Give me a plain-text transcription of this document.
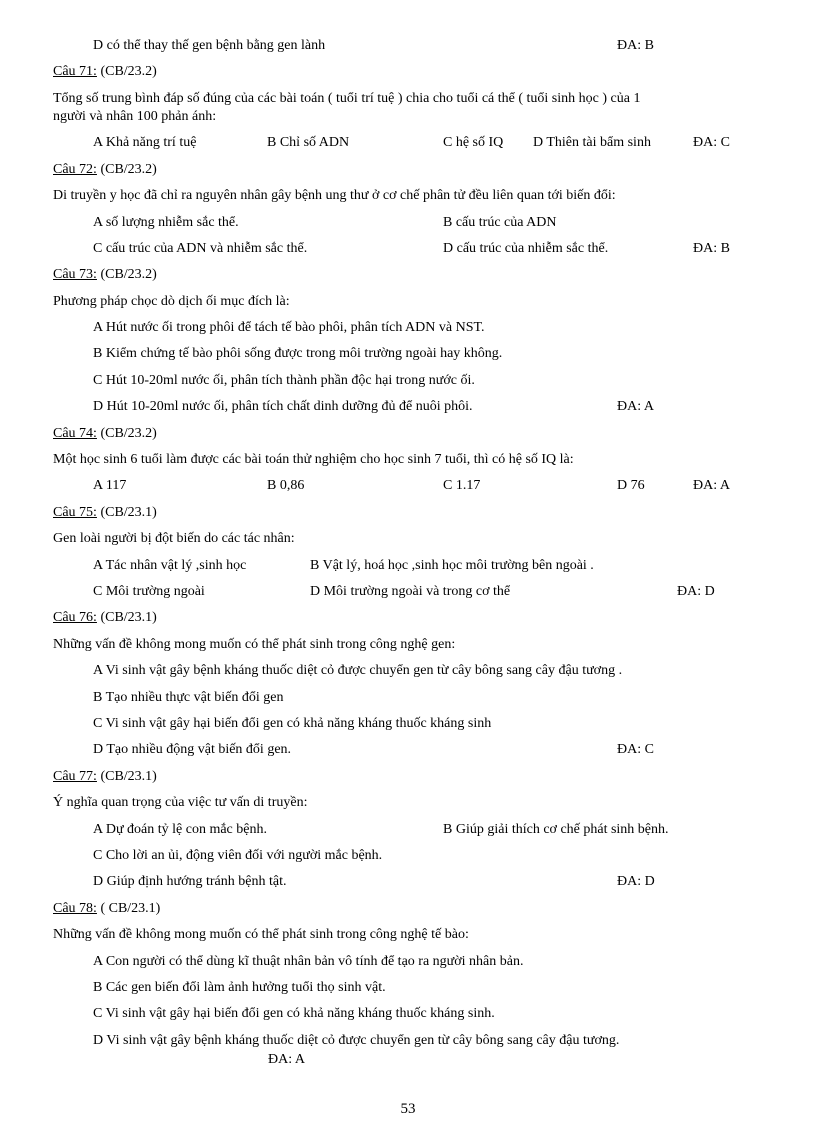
D có thể thay thế gen bệnh bằng gen lành	ĐA: B
Câu 71: (CB/23.2)
Tổng số trung bình đáp số đúng của các bài toán ( tuổi trí tuệ ) chia cho tuổi cá thể ( tuổi sinh học ) của 1
người và nhân 100 phản ánh:
A Khả năng trí tuệ	B Chỉ số ADN	C hệ số IQ D Thiên tài bẩm sinh	ĐA: C
Câu 72: (CB/23.2)
Di truyền y học đã chỉ ra nguyên nhân gây bệnh ung thư ở cơ chế phân tử đều liên quan tới biến đổi:
A số lượng nhiễm sắc thể.	B cấu trúc của ADN
C cấu trúc của ADN và nhiễm sắc thể.	D cấu trúc của nhiễm sắc thể.	ĐA: B
Câu 73: (CB/23.2)
Phương pháp chọc dò dịch ối mục đích là:
A Hút nước ối trong phôi để tách tế bào phôi, phân tích ADN và NST.
B Kiểm chứng tế bào phôi sống được trong môi trường ngoài hay không.
C Hút 10-20ml nước ối, phân tích thành phần độc hại trong nước ối.
D Hút 10-20ml nước ối, phân tích chất dinh dưỡng đủ để nuôi phôi.	ĐA: A
Câu 74: (CB/23.2)
Một học sinh 6 tuổi làm được các bài toán thử nghiệm cho học sinh 7 tuổi, thì có hệ số IQ là:
A 117	B 0,86	C 1.17	D 76	ĐA: A
Câu 75: (CB/23.1)
Gen loài người bị đột biến do các tác nhân:
A Tác nhân vật lý ,sinh học	B Vật lý, hoá học ,sinh học môi trường bên ngoài .
C Môi trường ngoài	D Môi trường ngoài và trong cơ thể	ĐA: D
Câu 76: (CB/23.1)
Những vấn đề không mong muốn có thể phát sinh trong công nghệ gen:
A Vi sinh vật gây bệnh kháng thuốc diệt cỏ được chuyển gen từ cây bông sang cây đậu tương .
B Tạo nhiều thực vật biến đổi gen
C Vi sinh vật gây hại biến đổi gen có khả năng kháng thuốc kháng sinh
D Tạo nhiều động vật biến đổi gen.	ĐA: C
Câu 77: (CB/23.1)
Ý nghĩa quan trọng của việc tư vấn di truyền:
A Dự đoán tỷ lệ con mắc bệnh.	B Giúp giải thích cơ chế phát sinh bệnh.
C Cho lời an ủi, động viên đối với người mắc bệnh.
D Giúp định hướng tránh bệnh tật.	ĐA: D
Câu 78: ( CB/23.1)
Những vấn đề không mong muốn có thể phát sinh trong công nghệ tế bào:
A Con người có thể dùng kĩ thuật nhân bản vô tính để tạo ra người nhân bản.
B Các gen biến đổi làm ảnh hưởng tuổi thọ sinh vật.
C Vi sinh vật gây hại biến đổi gen có khả năng kháng thuốc kháng sinh.
D Vi sinh vật gây bệnh kháng thuốc diệt cỏ được chuyển gen từ cây bông sang cây đậu tương.
ĐA: A
53
